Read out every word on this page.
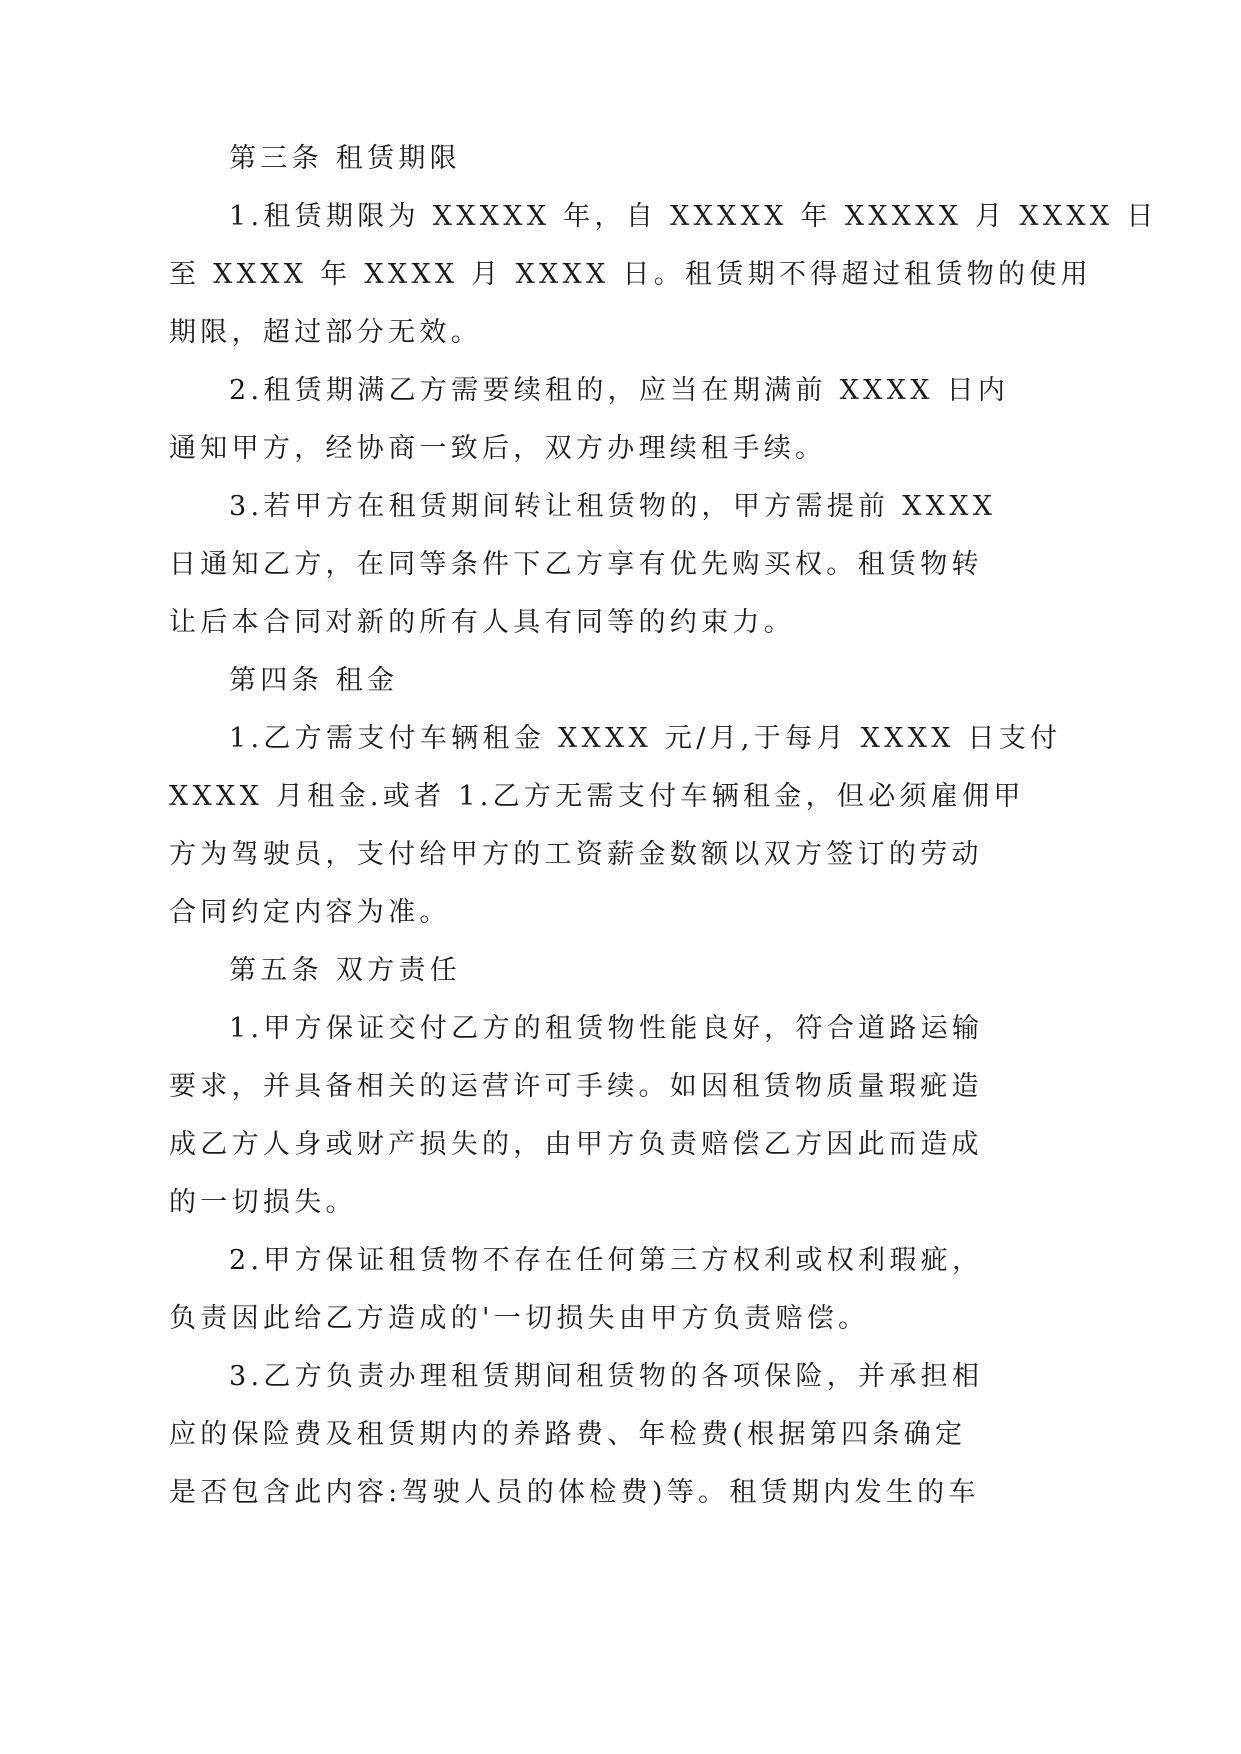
第三条 租赁期限
1.租赁期限为 XXXXX 年，自 XXXXX 年 XXXXX 月 XXXX 日
至 XXXX 年 XXXX 月 XXXX 日。租赁期不得超过租赁物的使用
期限，超过部分无效。
2.租赁期满乙方需要续租的，应当在期满前 XXXX 日内
通知甲方，经协商一致后，双方办理续租手续。
3.若甲方在租赁期间转让租赁物的，甲方需提前 XXXX
日通知乙方，在同等条件下乙方享有优先购买权。租赁物转
让后本合同对新的所有人具有同等的约束力。
第四条 租金
1.乙方需支付车辆租金 XXXX 元/月,于每月 XXXX 日支付
XXXX 月租金.或者 1.乙方无需支付车辆租金，但必须雇佣甲
方为驾驶员，支付给甲方的工资薪金数额以双方签订的劳动
合同约定内容为准。
第五条 双方责任
1.甲方保证交付乙方的租赁物性能良好，符合道路运输
要求，并具备相关的运营许可手续。如因租赁物质量瑕疵造
成乙方人身或财产损失的，由甲方负责赔偿乙方因此而造成
的一切损失。
2.甲方保证租赁物不存在任何第三方权利或权利瑕疵，
负责因此给乙方造成的'一切损失由甲方负责赔偿。
3.乙方负责办理租赁期间租赁物的各项保险，并承担相
应的保险费及租赁期内的养路费、年检费(根据第四条确定
是否包含此内容:驾驶人员的体检费)等。租赁期内发生的车
